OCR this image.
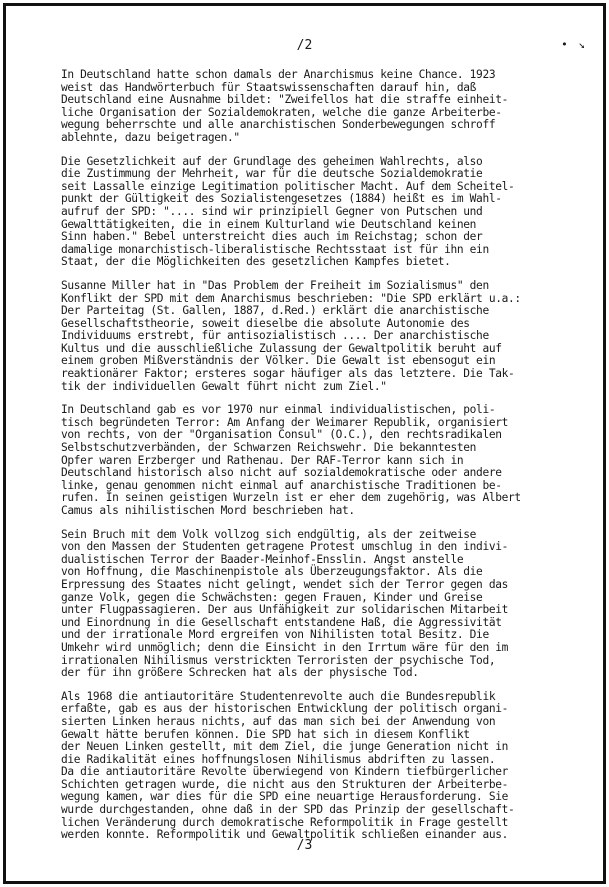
/2	• ↘

In Deutschland hatte schon damals der Anarchismus keine Chance. 1923
weist das Handwörterbuch für Staatswissenschaften darauf hin, daß
Deutschland eine Ausnahme bildet: "Zweifellos hat die straffe einheit-
liche Organisation der Sozialdemokraten, welche die ganze Arbeiterbe-
wegung beherrschte und alle anarchistischen Sonderbewegungen schroff
ablehnte, dazu beigetragen."

Die Gesetzlichkeit auf der Grundlage des geheimen Wahlrechts, also
die Zustimmung der Mehrheit, war für die deutsche Sozialdemokratie
seit Lassalle einzige Legitimation politischer Macht. Auf dem Scheitel-
punkt der Gültigkeit des Sozialistengesetzes (1884) heißt es im Wahl-
aufruf der SPD: ".... sind wir prinzipiell Gegner von Putschen und
Gewalttätigkeiten, die in einem Kulturland wie Deutschland keinen
Sinn haben." Bebel unterstreicht dies auch im Reichstag; schon der
damalige monarchistisch-liberalistische Rechtsstaat ist für ihn ein
Staat, der die Möglichkeiten des gesetzlichen Kampfes bietet.

Susanne Miller hat in "Das Problem der Freiheit im Sozialismus" den
Konflikt der SPD mit dem Anarchismus beschrieben: "Die SPD erklärt u.a.:
Der Parteitag (St. Gallen, 1887, d.Red.) erklärt die anarchistische
Gesellschaftstheorie, soweit dieselbe die absolute Autonomie des
Individuums erstrebt, für antisozialistisch .... Der anarchistische
Kultus und die ausschließliche Zulassung der Gewaltpolitik beruht auf
einem groben Mißverständnis der Völker. Die Gewalt ist ebensogut ein
reaktionärer Faktor; ersteres sogar häufiger als das letztere. Die Tak-
tik der individuellen Gewalt führt nicht zum Ziel."

In Deutschland gab es vor 1970 nur einmal individualistischen, poli-
tisch begründeten Terror: Am Anfang der Weimarer Republik, organisiert
von rechts, von der "Organisation Consul" (O.C.), den rechtsradikalen
Selbstschutzverbänden, der Schwarzen Reichswehr. Die bekanntesten
Opfer waren Erzberger und Rathenau. Der RAF-Terror kann sich in
Deutschland historisch also nicht auf sozialdemokratische oder andere
linke, genau genommen nicht einmal auf anarchistische Traditionen be-
rufen. In seinen geistigen Wurzeln ist er eher dem zugehörig, was Albert
Camus als nihilistischen Mord beschrieben hat.

Sein Bruch mit dem Volk vollzog sich endgültig, als der zeitweise
von den Massen der Studenten getragene Protest umschlug in den indivi-
dualistischen Terror der Baader-Meinhof-Ensslin. Angst anstelle
von Hoffnung, die Maschinenpistole als Überzeugungsfaktor. Als die
Erpressung des Staates nicht gelingt, wendet sich der Terror gegen das
ganze Volk, gegen die Schwächsten: gegen Frauen, Kinder und Greise
unter Flugpassagieren. Der aus Unfähigkeit zur solidarischen Mitarbeit
und Einordnung in die Gesellschaft entstandene Haß, die Aggressivität
und der irrationale Mord ergreifen von Nihilisten total Besitz. Die
Umkehr wird unmöglich; denn die Einsicht in den Irrtum wäre für den im
irrationalen Nihilismus verstrickten Terroristen der psychische Tod,
der für ihn größere Schrecken hat als der physische Tod.

Als 1968 die antiautoritäre Studentenrevolte auch die Bundesrepublik
erfaßte, gab es aus der historischen Entwicklung der politisch organi-
sierten Linken heraus nichts, auf das man sich bei der Anwendung von
Gewalt hätte berufen können. Die SPD hat sich in diesem Konflikt
der Neuen Linken gestellt, mit dem Ziel, die junge Generation nicht in
die Radikalität eines hoffnungslosen Nihilismus abdriften zu lassen.
Da die antiautoritäre Revolte überwiegend von Kindern tiefbürgerlicher
Schichten getragen wurde, die nicht aus den Strukturen der Arbeiterbe-
wegung kamen, war dies für die SPD eine neuartige Herausforderung. Sie
wurde durchgestanden, ohne daß in der SPD das Prinzip der gesellschaft-
lichen Veränderung durch demokratische Reformpolitik in Frage gestellt
werden konnte. Reformpolitik und Gewaltpolitik schließen einander aus.

/3
